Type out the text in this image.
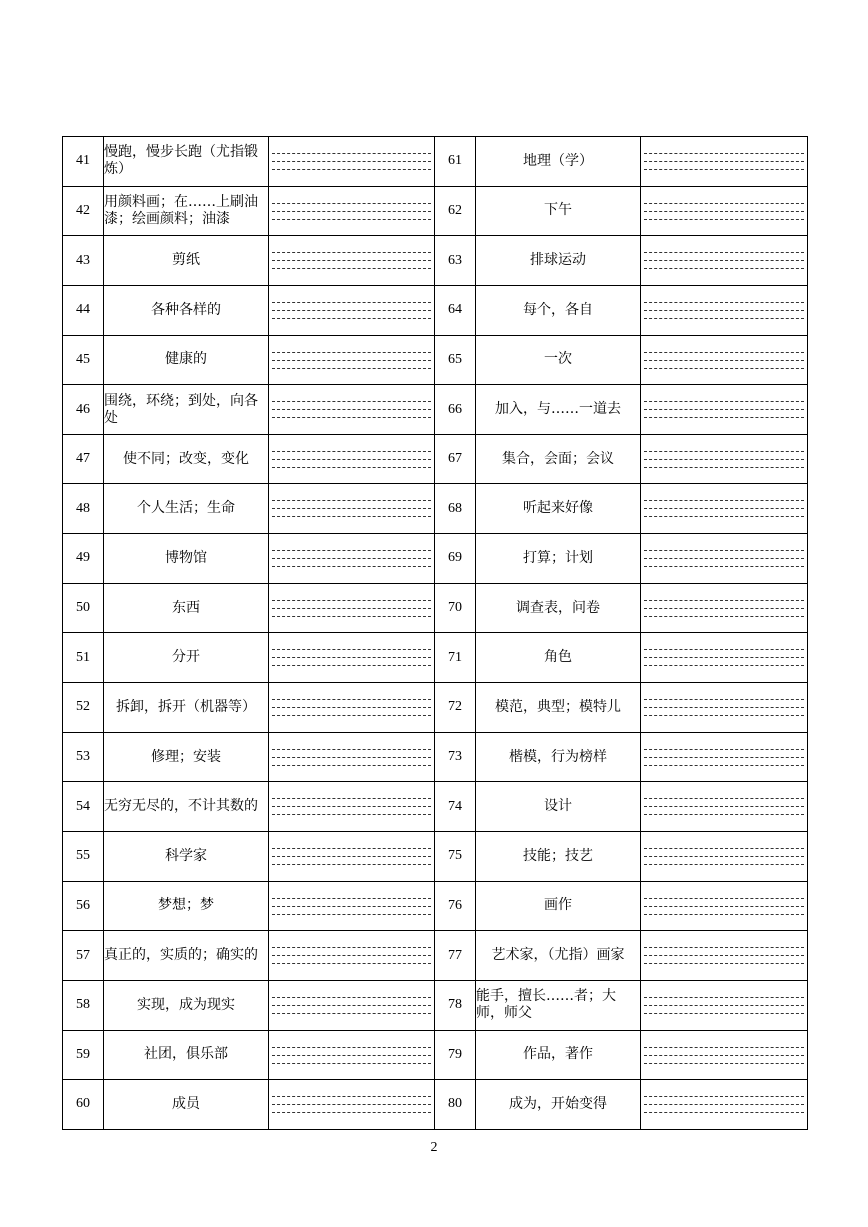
41	慢跑，慢步长跑（尤指锻炼）		61	地理（学）	

42	用颜料画；在……上刷油漆；绘画颜料；油漆		62	下午	

43	剪纸		63	排球运动	

44	各种各样的		64	每个，各自	

45	健康的		65	一次	

46	围绕，环绕；到处，向各处		66	加入，与……一道去	

47	使不同；改变，变化		67	集合，会面；会议	

48	个人生活；生命		68	听起来好像	

49	博物馆		69	打算；计划	

50	东西		70	调查表，问卷	

51	分开		71	角色	

52	拆卸，拆开（机器等）		72	模范，典型；模特儿	

53	修理；安装		73	楷模，行为榜样	

54	无穷无尽的，不计其数的		74	设计	

55	科学家		75	技能；技艺	

56	梦想；梦		76	画作	

57	真正的，实质的；确实的		77	艺术家，（尤指）画家	

58	实现，成为现实		78	能手，擅长……者；大师，师父	

59	社团，俱乐部		79	作品，著作	

60	成员		80	成为，开始变得	
2
